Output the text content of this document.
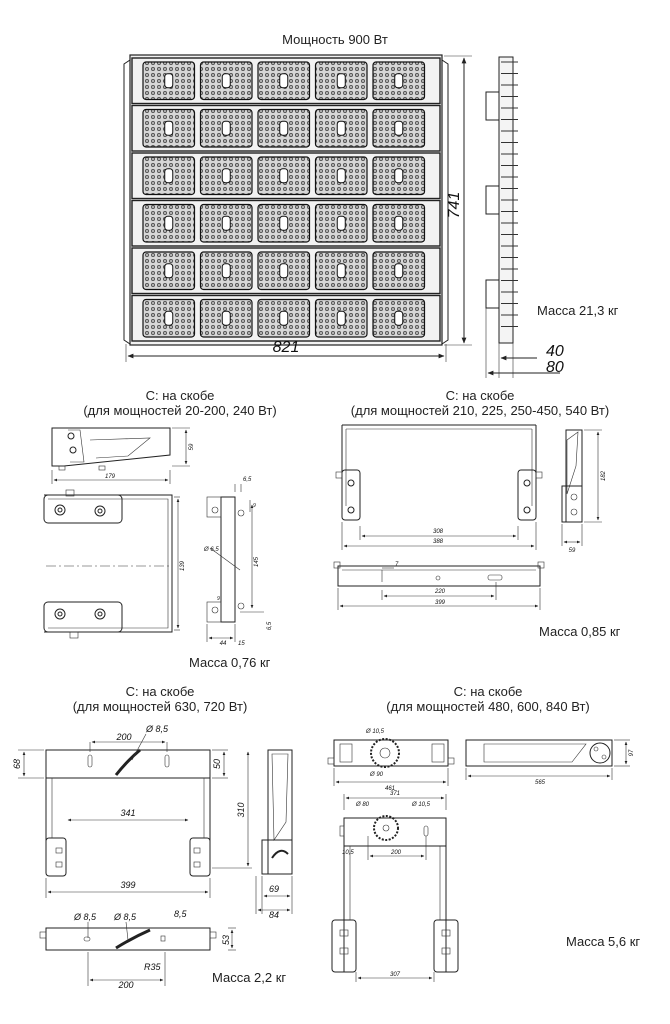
Мощность 900 Вт
Масса 21,3 кг
С: на скобе
(для мощностей 20-200, 240 Вт)
Масса 0,76 кг
С: на скобе
(для мощностей 210, 225, 250-450, 540 Вт)
Масса 0,85 кг
С: на скобе
(для мощностей 630, 720 Вт)
Масса 2,2 кг
С: на скобе
(для мощностей 480, 600, 840 Вт)
Масса 5,6 кг
741
821	40
80
179
59
139
6,5
9
Ø 6,5
145
9
6,5
44 15
308
388
182
59
7
220
399
68
200
Ø 8,5
50
341	310
399	69
84
Ø 8,5 Ø 8,5	8,5
53
R35
200
Ø 10,5
Ø 90
461
565
97
371
Ø 80	Ø 10,5
10,5	200
307
